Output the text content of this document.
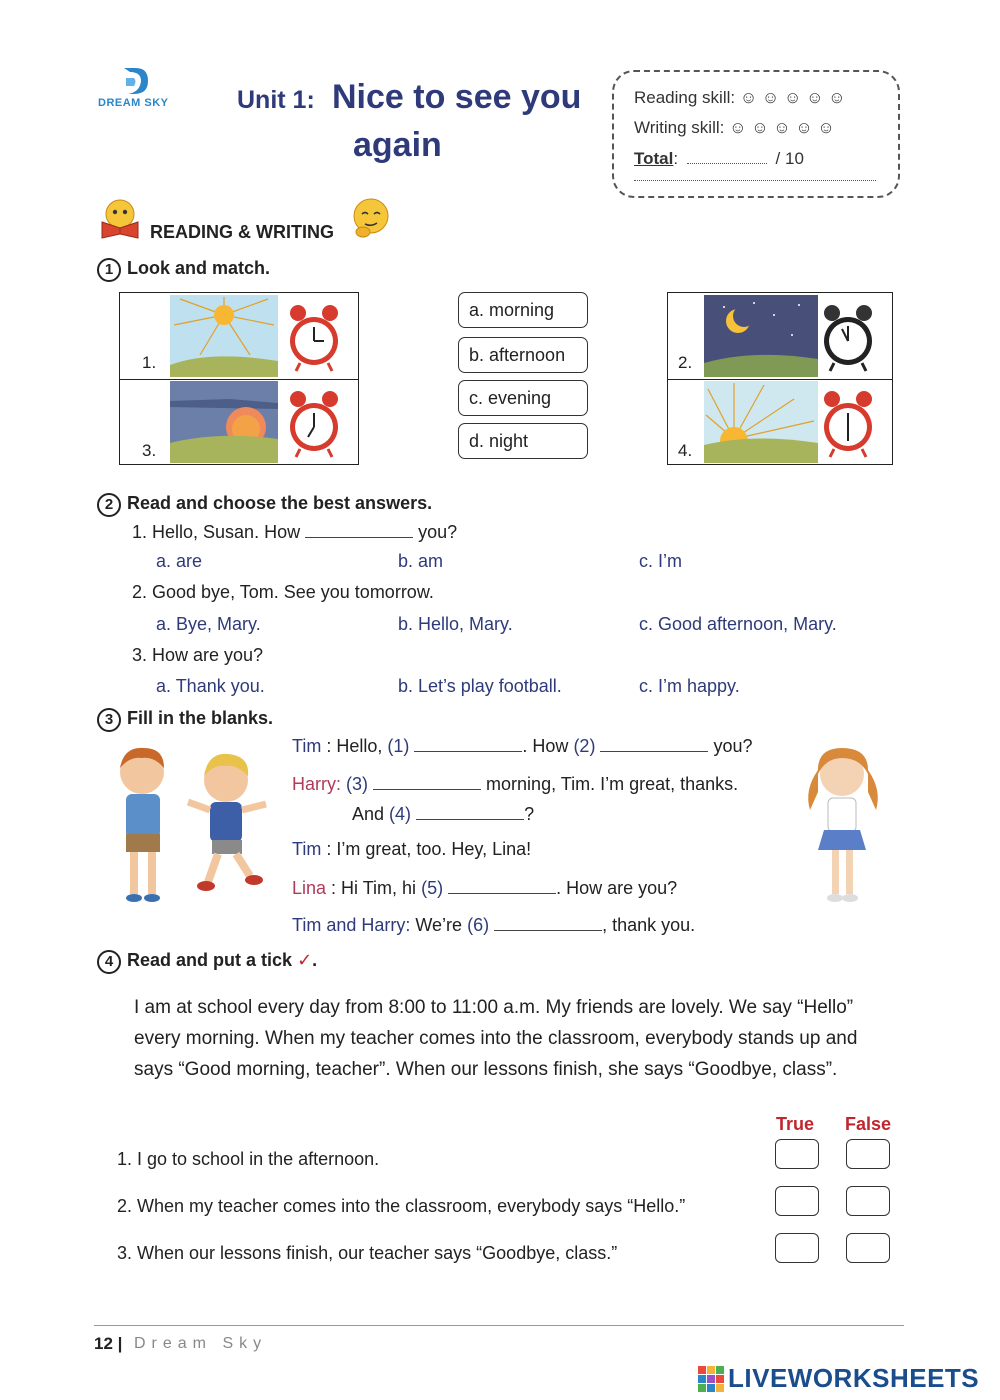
DREAM SKY	Unit 1: Nice to see you
again
Reading skill: ☺ ☺ ☺ ☺ ☺
Writing skill: ☺ ☺ ☺ ☺ ☺
Total:	/ 10
READING & WRITING
1 Look and match.
1.
3.
a. morning
b. afternoon
c. evening
d. night
2.
4.
2 Read and choose the best answers.
1. Hello, Susan. How	you?
a. are	b. am	c. I’m
2. Good bye, Tom. See you tomorrow.
a. Bye, Mary.	b. Hello, Mary.	c. Good afternoon, Mary.
3. How are you?
a. Thank you.	b. Let’s play football.	c. I’m happy.
3 Fill in the blanks.
Tim : Hello, (1)	. How (2)	you?
Harry: (3)	morning, Tim. I’m great, thanks.
And (4)	?
Tim : I’m great, too. Hey, Lina!
Lina : Hi Tim, hi (5)	. How are you?
Tim and Harry: We’re (6)	, thank you.
4 Read and put a tick ✓.
I am at school every day from 8:00 to 11:00 a.m. My friends are lovely. We say “Hello”
every morning. When my teacher comes into the classroom, everybody stands up and
says “Good morning, teacher”. When our lessons finish, she says “Goodbye, class”.
True False
1. I go to school in the afternoon.
2. When my teacher comes into the classroom, everybody says “Hello.”
3. When our lessons finish, our teacher says “Goodbye, class.”
12 | Dream Sky
LIVEWORKSHEETS
